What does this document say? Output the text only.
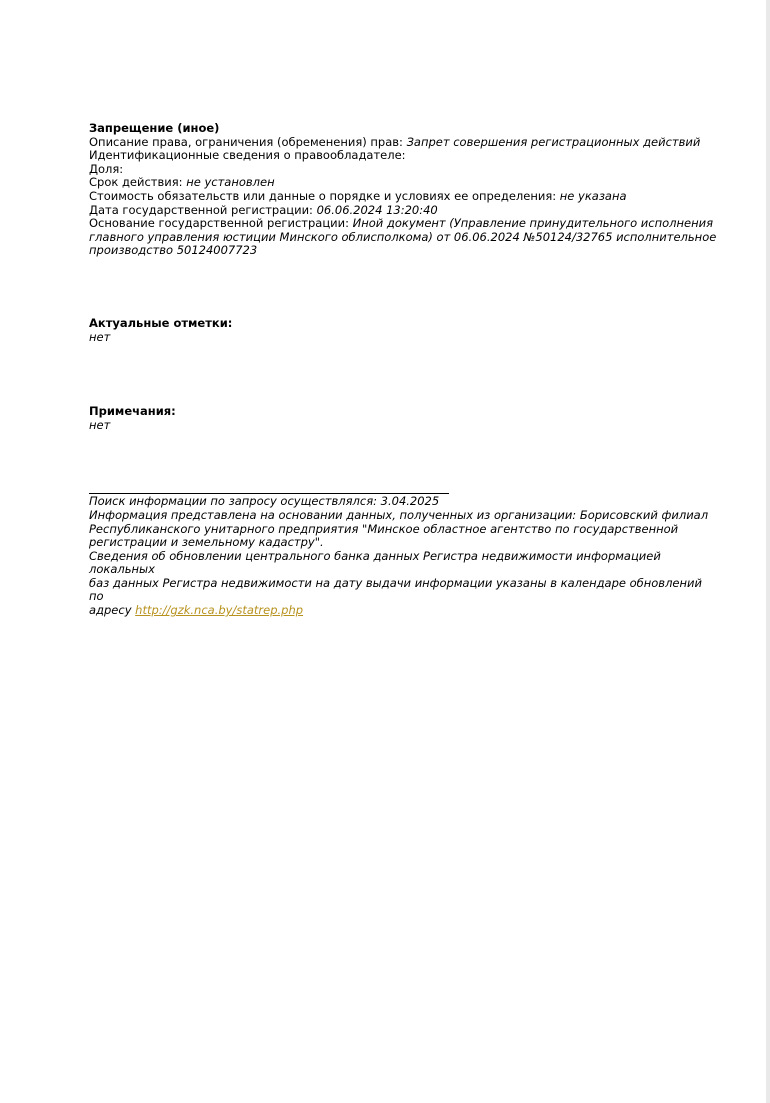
Запрещение (иное)

Описание права, ограничения (обременения) прав: Запрет совершения регистрационных действий

Идентификационные сведения о правообладателе:

Доля:

Срок действия: не установлен

Стоимость обязательств или данные о порядке и условиях ее определения: не указана

Дата государственной регистрации: 06.06.2024 13:20:40

Основание государственной регистрации: Иной документ (Управление принудительного исполнения

главного управления юстиции Минского облисполкома) от 06.06.2024 №50124/32765 исполнительное

производство 50124007723

Актуальные отметки:

нет

Примечания:

нет

Поиск информации по запросу осуществлялся: 3.04.2025

Информация представлена на основании данных, полученных из организации: Борисовский филиал

Республиканского унитарного предприятия "Минское областное агентство по государственной

регистрации и земельному кадастру".

Сведения об обновлении центрального банка данных Регистра недвижимости информацией локальных

баз данных Регистра недвижимости на дату выдачи информации указаны в календаре обновлений по

адресу http://gzk.nca.by/statrep.php
